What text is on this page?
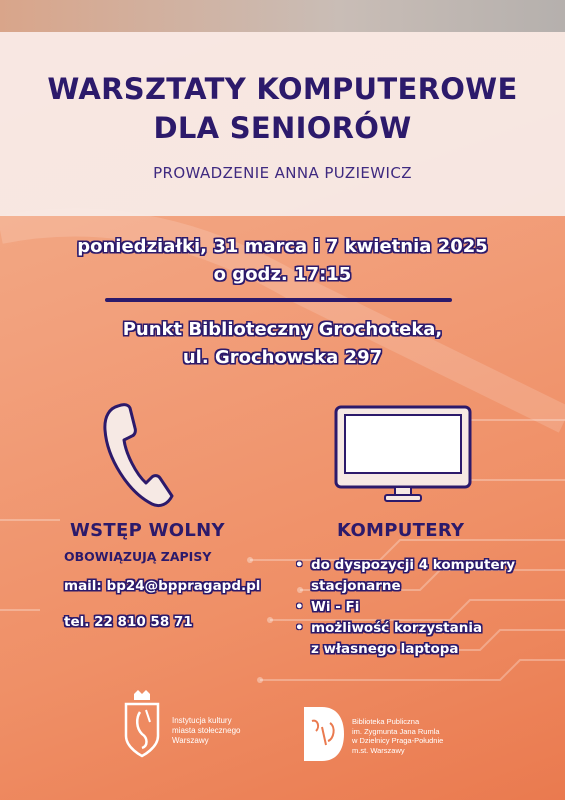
WARSZTATY KOMPUTEROWE
DLA SENIORÓW
PROWADZENIE ANNA PUZIEWICZ
poniedziałki, 31 marca i 7 kwietnia 2025
o godz. 17:15
Punkt Biblioteczny Grochoteka,
ul. Grochowska 297
WSTĘP WOLNY
OBOWIĄZUJĄ ZAPISY
mail: bp24@bppragapd.pl
tel. 22 810 58 71
KOMPUTERY
• do dyspozycji 4 komputery
stacjonarne
• Wi - Fi
• możliwość korzystania
z własnego laptopa
Instytucja kultury
miasta stołecznego
Warszawy
Biblioteka Publiczna
im. Zygmunta Jana Rumla
w Dzielnicy Praga-Południe
m.st. Warszawy
